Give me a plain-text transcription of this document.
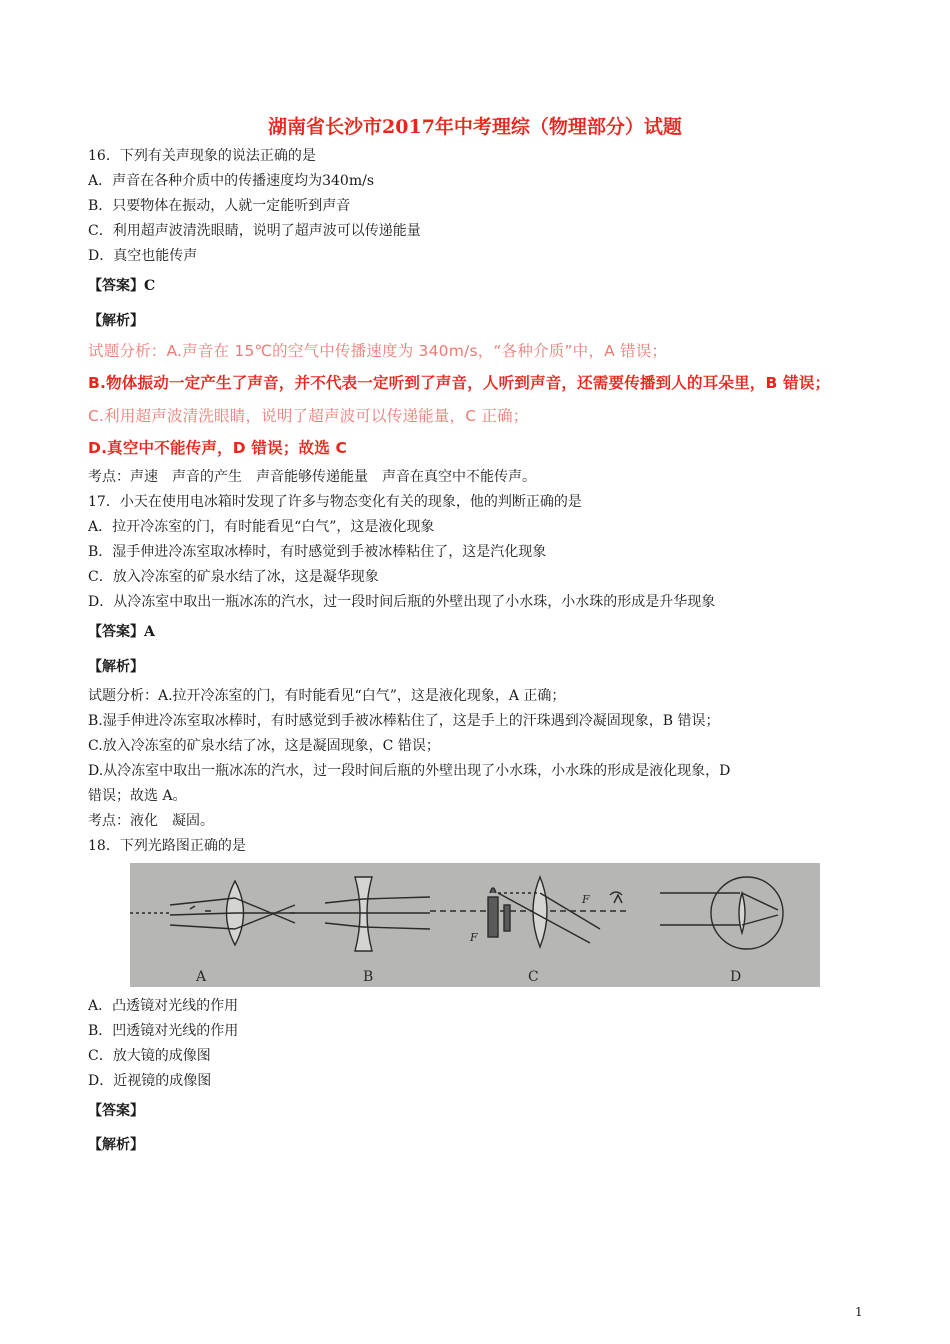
湖南省长沙市2017年中考理综（物理部分）试题
16．下列有关声现象的说法正确的是
A．声音在各种介质中的传播速度均为340m/s
B．只要物体在振动，人就一定能听到声音
C．利用超声波清洗眼睛，说明了超声波可以传递能量
D．真空也能传声
【答案】C
【解析】
试题分析：A.声音在 15℃的空气中传播速度为 340m/s，“各种介质”中，A 错误；
B.物体振动一定产生了声音，并不代表一定听到了声音，人听到声音，还需要传播到人的耳朵里，B 错误；
C.利用超声波清洗眼睛，说明了超声波可以传递能量，C 正确；
D.真空中不能传声，D 错误；故选 C
考点：声速　声音的产生　声音能够传递能量　声音在真空中不能传声。
17．小天在使用电冰箱时发现了许多与物态变化有关的现象，他的判断正确的是
A．拉开冷冻室的门，有时能看见“白气”，这是液化现象
B．湿手伸进冷冻室取冰棒时，有时感觉到手被冰棒粘住了，这是汽化现象
C．放入冷冻室的矿泉水结了冰，这是凝华现象
D．从冷冻室中取出一瓶冰冻的汽水，过一段时间后瓶的外壁出现了小水珠，小水珠的形成是升华现象
【答案】A
【解析】
试题分析：A.拉开冷冻室的门，有时能看见“白气”，这是液化现象，A 正确；
B.湿手伸进冷冻室取冰棒时，有时感觉到手被冰棒粘住了，这是手上的汗珠遇到冷凝固现象，B 错误；
C.放入冷冻室的矿泉水结了冰，这是凝固现象，C 错误；
D.从冷冻室中取出一瓶冰冻的汽水，过一段时间后瓶的外壁出现了小水珠，小水珠的形成是液化现象，D
错误；故选 A。
考点：液化　凝固。
18．下列光路图正确的是
A	B
F
F
C	D
A．凸透镜对光线的作用
B．凹透镜对光线的作用
C．放大镜的成像图
D．近视镜的成像图
【答案】
【解析】
1
